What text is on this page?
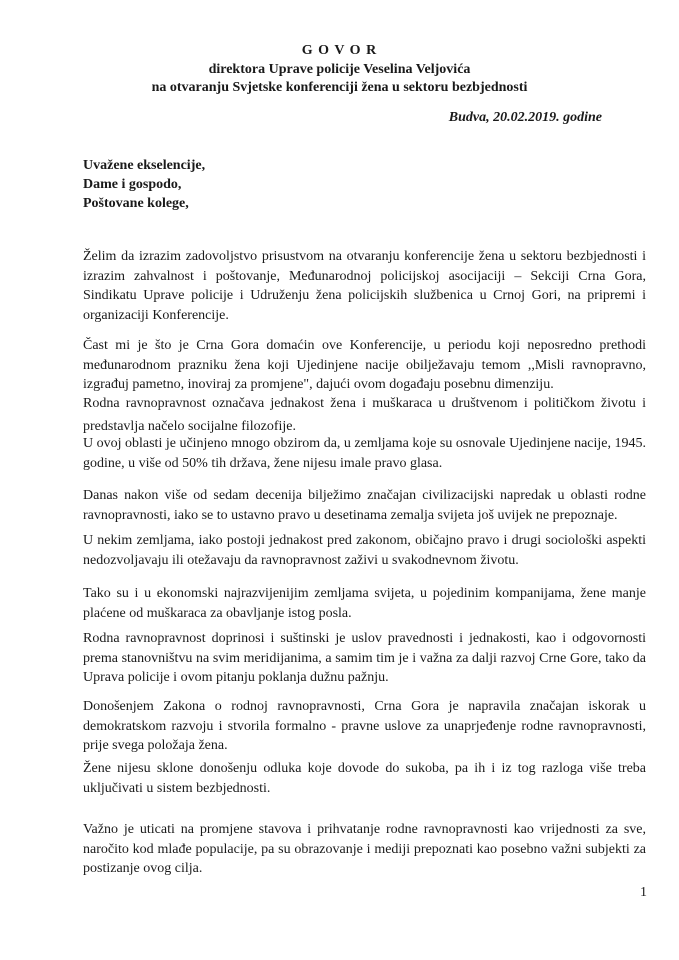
G O V O R
direktora Uprave policije Veselina Veljovića
na otvaranju Svjetske konferenciji žena u sektoru bezbjednosti
Budva, 20.02.2019. godine
Uvažene ekselencije,
Dame i gospodo,
Poštovane kolege,

Želim da izrazim zadovoljstvo prisustvom na otvaranju konferencije žena u sektoru bezbjednosti i izrazim zahvalnost i poštovanje, Međunarodnoj policijskoj asocijaciji – Sekciji Crna Gora, Sindikatu Uprave policije i Udruženju žena policijskih službenica u Crnoj Gori, na pripremi i organizaciji Konferencije.

Čast mi je što je Crna Gora domaćin ove Konferencije, u periodu koji neposredno prethodi međunarodnom prazniku žena koji Ujedinjene nacije obilježavaju temom ,,Misli ravnopravno, izgrađuj pametno, inoviraj za promjene", dajući ovom događaju posebnu dimenziju.

Rodna ravnopravnost označava jednakost žena i muškaraca u društvenom i političkom životu i predstavlja načelo socijalne filozofije.

U ovoj oblasti je učinjeno mnogo obzirom da, u zemljama koje su osnovale Ujedinjene nacije, 1945. godine, u više od 50% tih država, žene nijesu imale pravo glasa.

Danas nakon više od sedam decenija bilježimo značajan civilizacijski napredak u oblasti rodne ravnopravnosti, iako se to ustavno pravo u desetinama zemalja svijeta još uvijek ne prepoznaje.

U nekim zemljama, iako postoji jednakost pred zakonom, običajno pravo i drugi sociološki aspekti nedozvoljavaju ili otežavaju da ravnopravnost zaživi u svakodnevnom životu.

Tako su i u ekonomski najrazvijenijim zemljama svijeta, u pojedinim kompanijama, žene manje plaćene od muškaraca za obavljanje istog posla.

Rodna ravnopravnost doprinosi i suštinski je uslov pravednosti i jednakosti, kao i odgovornosti prema stanovništvu na svim meridijanima, a samim tim je i važna za dalji razvoj Crne Gore, tako da Uprava policije i ovom pitanju poklanja dužnu pažnju.

Donošenjem Zakona o rodnoj ravnopravnosti, Crna Gora je napravila značajan iskorak u demokratskom razvoju i stvorila formalno - pravne uslove za unaprjeđenje rodne ravnopravnosti, prije svega položaja žena.

Žene nijesu sklone donošenju odluka koje dovode do sukoba, pa ih i iz tog razloga više treba uključivati u sistem bezbjednosti.

Važno je uticati na promjene stavova i prihvatanje rodne ravnopravnosti kao vrijednosti za sve, naročito kod mlađe populacije, pa su obrazovanje i mediji prepoznati kao posebno važni subjekti za postizanje ovog cilja.

1
